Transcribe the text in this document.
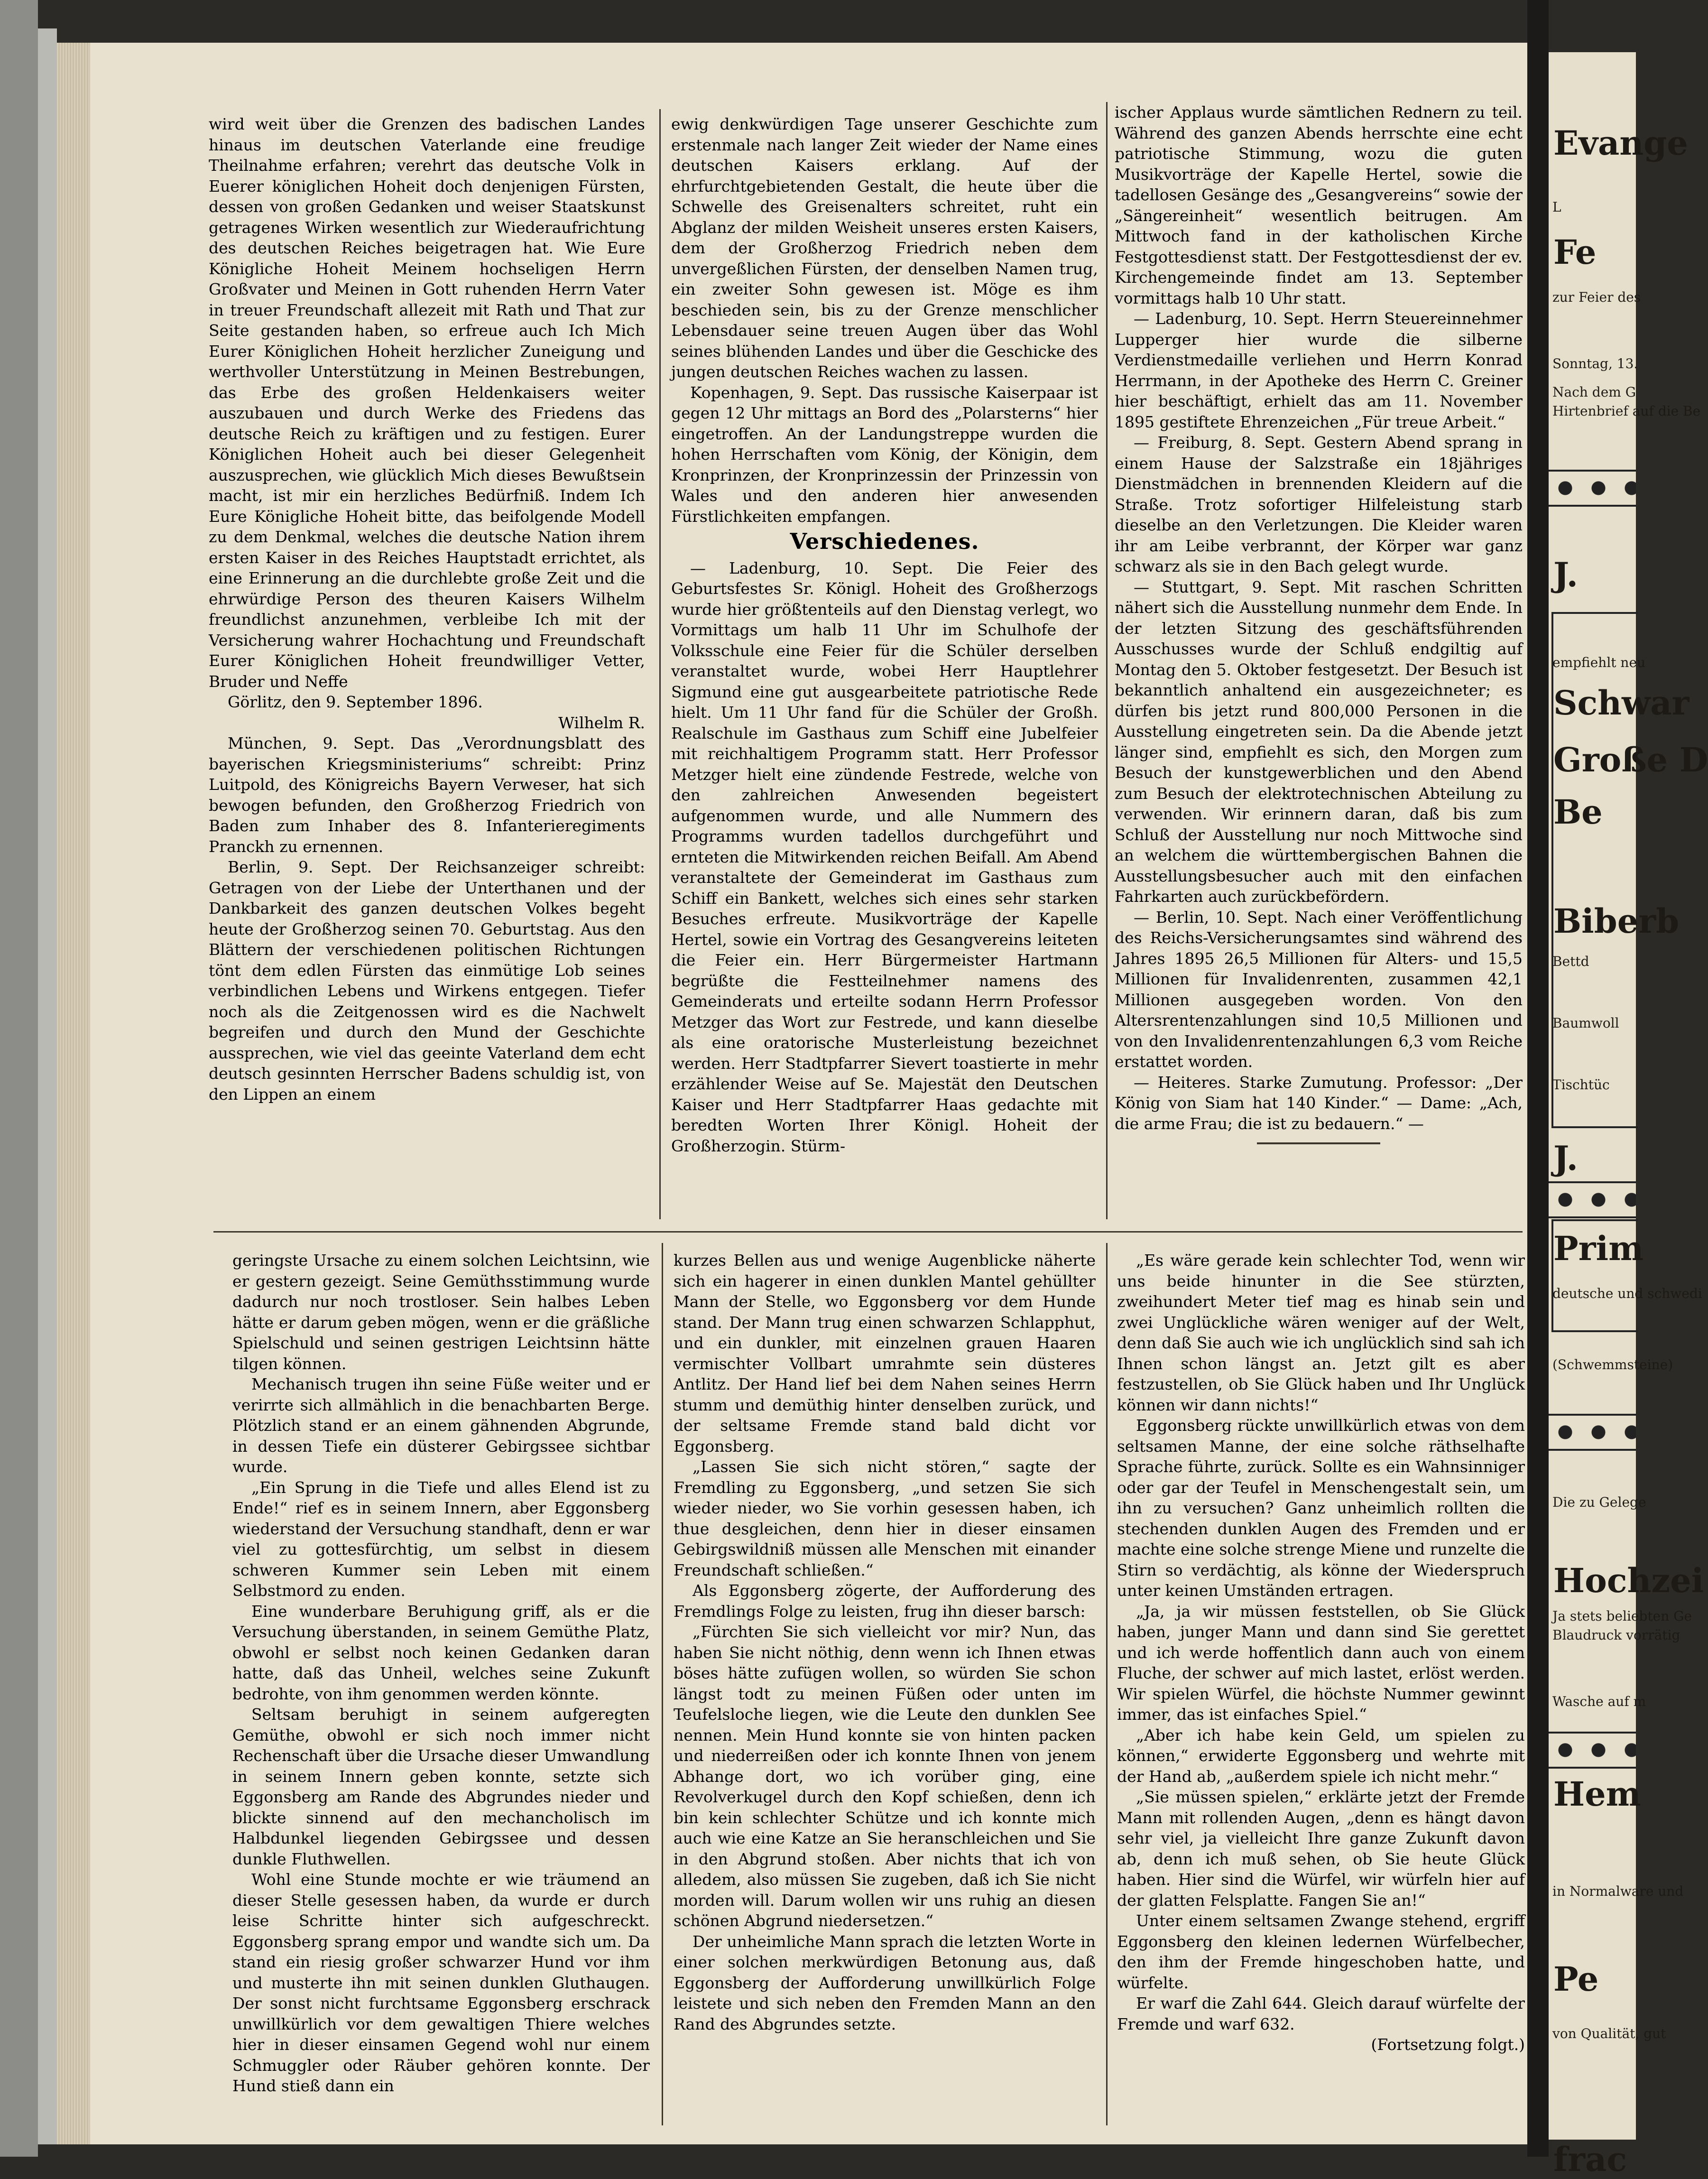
wird weit über die Grenzen des badischen Landes hinaus im deutschen Vaterlande eine freudige Theilnahme erfahren; verehrt das deutsche Volk in Euerer königlichen Hoheit doch denjenigen Fürsten, dessen von großen Gedanken und weiser Staatskunst getragenes Wirken wesentlich zur Wiederaufrichtung des deutschen Reiches beigetragen hat. Wie Eure Königliche Hoheit Meinem hochseligen Herrn Großvater und Meinen in Gott ruhenden Herrn Vater in treuer Freundschaft allezeit mit Rath und That zur Seite gestanden haben, so erfreue auch Ich Mich Eurer Königlichen Hoheit herzlicher Zuneigung und werthvoller Unterstützung in Meinen Bestrebungen, das Erbe des großen Heldenkaisers weiter auszubauen und durch Werke des Friedens das deutsche Reich zu kräftigen und zu festigen. Eurer Königlichen Hoheit auch bei dieser Gelegenheit auszusprechen, wie glücklich Mich dieses Bewußtsein macht, ist mir ein herzliches Bedürfniß. Indem Ich Eure Königliche Hoheit bitte, das beifolgende Modell zu dem Denkmal, welches die deutsche Nation ihrem ersten Kaiser in des Reiches Hauptstadt errichtet, als eine Erinnerung an die durchlebte große Zeit und die ehrwürdige Person des theuren Kaisers Wilhelm freundlichst anzunehmen, verbleibe Ich mit der Versicherung wahrer Hochachtung und Freundschaft Eurer Königlichen Hoheit freundwilliger Vetter, Bruder und Neffe

Görlitz, den 9. September 1896.

Wilhelm R.

München, 9. Sept. Das „Verordnungsblatt des bayerischen Kriegsministeriums“ schreibt: Prinz Luitpold, des Königreichs Bayern Verweser, hat sich bewogen befunden, den Großherzog Friedrich von Baden zum Inhaber des 8. Infanterieregiments Pranckh zu ernennen.

Berlin, 9. Sept. Der Reichsanzeiger schreibt: Getragen von der Liebe der Unterthanen und der Dankbarkeit des ganzen deutschen Volkes begeht heute der Großherzog seinen 70. Geburtstag. Aus den Blättern der verschiedenen politischen Richtungen tönt dem edlen Fürsten das einmütige Lob seines verbindlichen Lebens und Wirkens entgegen. Tiefer noch als die Zeitgenossen wird es die Nachwelt begreifen und durch den Mund der Geschichte aussprechen, wie viel das geeinte Vaterland dem echt deutsch gesinnten Herrscher Badens schuldig ist, von den Lippen an einem

ewig denkwürdigen Tage unserer Geschichte zum erstenmale nach langer Zeit wieder der Name eines deutschen Kaisers erklang. Auf der ehrfurchtgebietenden Gestalt, die heute über die Schwelle des Greisenalters schreitet, ruht ein Abglanz der milden Weisheit unseres ersten Kaisers, dem der Großherzog Friedrich neben dem unvergeßlichen Fürsten, der denselben Namen trug, ein zweiter Sohn gewesen ist. Möge es ihm beschieden sein, bis zu der Grenze menschlicher Lebensdauer seine treuen Augen über das Wohl seines blühenden Landes und über die Geschicke des jungen deutschen Reiches wachen zu lassen.

Kopenhagen, 9. Sept. Das russische Kaiserpaar ist gegen 12 Uhr mittags an Bord des „Polarsterns“ hier eingetroffen. An der Landungstreppe wurden die hohen Herrschaften vom König, der Königin, dem Kronprinzen, der Kronprinzessin der Prinzessin von Wales und den anderen hier anwesenden Fürstlichkeiten empfangen.

Verschiedenes.

— Ladenburg, 10. Sept. Die Feier des Geburtsfestes Sr. Königl. Hoheit des Großherzogs wurde hier größtenteils auf den Dienstag verlegt, wo Vormittags um halb 11 Uhr im Schulhofe der Volksschule eine Feier für die Schüler derselben veranstaltet wurde, wobei Herr Hauptlehrer Sigmund eine gut ausgearbeitete patriotische Rede hielt. Um 11 Uhr fand für die Schüler der Großh. Realschule im Gasthaus zum Schiff eine Jubelfeier mit reichhaltigem Programm statt. Herr Professor Metzger hielt eine zündende Festrede, welche von den zahlreichen Anwesenden begeistert aufgenommen wurde, und alle Nummern des Programms wurden tadellos durchgeführt und ernteten die Mitwirkenden reichen Beifall. Am Abend veranstaltete der Gemeinderat im Gasthaus zum Schiff ein Bankett, welches sich eines sehr starken Besuches erfreute. Musikvorträge der Kapelle Hertel, sowie ein Vortrag des Gesangvereins leiteten die Feier ein. Herr Bürgermeister Hartmann begrüßte die Festteilnehmer namens des Gemeinderats und erteilte sodann Herrn Professor Metzger das Wort zur Festrede, und kann dieselbe als eine oratorische Musterleistung bezeichnet werden. Herr Stadtpfarrer Sievert toastierte in mehr erzählender Weise auf Se. Majestät den Deutschen Kaiser und Herr Stadtpfarrer Haas gedachte mit beredten Worten Ihrer Königl. Hoheit der Großherzogin. Stürm-

ischer Applaus wurde sämtlichen Rednern zu teil. Während des ganzen Abends herrschte eine echt patriotische Stimmung, wozu die guten Musikvorträge der Kapelle Hertel, sowie die tadellosen Gesänge des „Gesangvereins“ sowie der „Sängereinheit“ wesentlich beitrugen. Am Mittwoch fand in der katholischen Kirche Festgottesdienst statt. Der Festgottesdienst der ev. Kirchengemeinde findet am 13. September vormittags halb 10 Uhr statt.

— Ladenburg, 10. Sept. Herrn Steuereinnehmer Lupperger hier wurde die silberne Verdienstmedaille verliehen und Herrn Konrad Herrmann, in der Apotheke des Herrn C. Greiner hier beschäftigt, erhielt das am 11. November 1895 gestiftete Ehrenzeichen „Für treue Arbeit.“

— Freiburg, 8. Sept. Gestern Abend sprang in einem Hause der Salzstraße ein 18jähriges Dienstmädchen in brennenden Kleidern auf die Straße. Trotz sofortiger Hilfeleistung starb dieselbe an den Verletzungen. Die Kleider waren ihr am Leibe verbrannt, der Körper war ganz schwarz als sie in den Bach gelegt wurde.

— Stuttgart, 9. Sept. Mit raschen Schritten nähert sich die Ausstellung nunmehr dem Ende. In der letzten Sitzung des geschäftsführenden Ausschusses wurde der Schluß endgiltig auf Montag den 5. Oktober festgesetzt. Der Besuch ist bekanntlich anhaltend ein ausgezeichneter; es dürfen bis jetzt rund 800,000 Personen in die Ausstellung eingetreten sein. Da die Abende jetzt länger sind, empfiehlt es sich, den Morgen zum Besuch der kunstgewerblichen und den Abend zum Besuch der elektrotechnischen Abteilung zu verwenden. Wir erinnern daran, daß bis zum Schluß der Ausstellung nur noch Mittwoche sind an welchem die württembergischen Bahnen die Ausstellungsbesucher auch mit den einfachen Fahrkarten auch zurückbefördern.

— Berlin, 10. Sept. Nach einer Veröffentlichung des Reichs-Versicherungsamtes sind während des Jahres 1895 26,5 Millionen für Alters- und 15,5 Millionen für Invalidenrenten, zusammen 42,1 Millionen ausgegeben worden. Von den Altersrentenzahlungen sind 10,5 Millionen und von den Invalidenrentenzahlungen 6,3 vom Reiche erstattet worden.

— Heiteres. Starke Zumutung. Professor: „Der König von Siam hat 140 Kinder.“ — Dame: „Ach, die arme Frau; die ist zu bedauern.“ —

geringste Ursache zu einem solchen Leichtsinn, wie er gestern gezeigt. Seine Gemüthsstimmung wurde dadurch nur noch trostloser. Sein halbes Leben hätte er darum geben mögen, wenn er die gräßliche Spielschuld und seinen gestrigen Leichtsinn hätte tilgen können.

Mechanisch trugen ihn seine Füße weiter und er verirrte sich allmählich in die benachbarten Berge. Plötzlich stand er an einem gähnenden Abgrunde, in dessen Tiefe ein düsterer Gebirgssee sichtbar wurde.

„Ein Sprung in die Tiefe und alles Elend ist zu Ende!“ rief es in seinem Innern, aber Eggonsberg wiederstand der Versuchung standhaft, denn er war viel zu gottesfürchtig, um selbst in diesem schweren Kummer sein Leben mit einem Selbstmord zu enden.

Eine wunderbare Beruhigung griff, als er die Versuchung überstanden, in seinem Gemüthe Platz, obwohl er selbst noch keinen Gedanken daran hatte, daß das Unheil, welches seine Zukunft bedrohte, von ihm genommen werden könnte.

Seltsam beruhigt in seinem aufgeregten Gemüthe, obwohl er sich noch immer nicht Rechenschaft über die Ursache dieser Umwandlung in seinem Innern geben konnte, setzte sich Eggonsberg am Rande des Abgrundes nieder und blickte sinnend auf den mechancholisch im Halbdunkel liegenden Gebirgssee und dessen dunkle Fluthwellen.

Wohl eine Stunde mochte er wie träumend an dieser Stelle gesessen haben, da wurde er durch leise Schritte hinter sich aufgeschreckt. Eggonsberg sprang empor und wandte sich um. Da stand ein riesig großer schwarzer Hund vor ihm und musterte ihn mit seinen dunklen Gluthaugen. Der sonst nicht furchtsame Eggonsberg erschrack unwillkürlich vor dem gewaltigen Thiere welches hier in dieser einsamen Gegend wohl nur einem Schmuggler oder Räuber gehören konnte. Der Hund stieß dann ein

kurzes Bellen aus und wenige Augenblicke näherte sich ein hagerer in einen dunklen Mantel gehüllter Mann der Stelle, wo Eggonsberg vor dem Hunde stand. Der Mann trug einen schwarzen Schlapphut, und ein dunkler, mit einzelnen grauen Haaren vermischter Vollbart umrahmte sein düsteres Antlitz. Der Hand lief bei dem Nahen seines Herrn stumm und demüthig hinter denselben zurück, und der seltsame Fremde stand bald dicht vor Eggonsberg.

„Lassen Sie sich nicht stören,“ sagte der Fremdling zu Eggonsberg, „und setzen Sie sich wieder nieder, wo Sie vorhin gesessen haben, ich thue desgleichen, denn hier in dieser einsamen Gebirgswildniß müssen alle Menschen mit einander Freundschaft schließen.“

Als Eggonsberg zögerte, der Aufforderung des Fremdlings Folge zu leisten, frug ihn dieser barsch:

„Fürchten Sie sich vielleicht vor mir? Nun, das haben Sie nicht nöthig, denn wenn ich Ihnen etwas böses hätte zufügen wollen, so würden Sie schon längst todt zu meinen Füßen oder unten im Teufelsloche liegen, wie die Leute den dunklen See nennen. Mein Hund konnte sie von hinten packen und niederreißen oder ich konnte Ihnen von jenem Abhange dort, wo ich vorüber ging, eine Revolverkugel durch den Kopf schießen, denn ich bin kein schlechter Schütze und ich konnte mich auch wie eine Katze an Sie heranschleichen und Sie in den Abgrund stoßen. Aber nichts that ich von alledem, also müssen Sie zugeben, daß ich Sie nicht morden will. Darum wollen wir uns ruhig an diesen schönen Abgrund niedersetzen.“

Der unheimliche Mann sprach die letzten Worte in einer solchen merkwürdigen Betonung aus, daß Eggonsberg der Aufforderung unwillkürlich Folge leistete und sich neben den Fremden Mann an den Rand des Abgrundes setzte.

„Es wäre gerade kein schlechter Tod, wenn wir uns beide hinunter in die See stürzten, zweihundert Meter tief mag es hinab sein und zwei Unglückliche wären weniger auf der Welt, denn daß Sie auch wie ich unglücklich sind sah ich Ihnen schon längst an. Jetzt gilt es aber festzustellen, ob Sie Glück haben und Ihr Unglück können wir dann nichts!“

Eggonsberg rückte unwillkürlich etwas von dem seltsamen Manne, der eine solche räthselhafte Sprache führte, zurück. Sollte es ein Wahnsinniger oder gar der Teufel in Menschengestalt sein, um ihn zu versuchen? Ganz unheimlich rollten die stechenden dunklen Augen des Fremden und er machte eine solche strenge Miene und runzelte die Stirn so verdächtig, als könne der Wiederspruch unter keinen Umständen ertragen.

„Ja, ja wir müssen feststellen, ob Sie Glück haben, junger Mann und dann sind Sie gerettet und ich werde hoffentlich dann auch von einem Fluche, der schwer auf mich lastet, erlöst werden. Wir spielen Würfel, die höchste Nummer gewinnt immer, das ist einfaches Spiel.“

„Aber ich habe kein Geld, um spielen zu können,“ erwiderte Eggonsberg und wehrte mit der Hand ab, „außerdem spiele ich nicht mehr.“

„Sie müssen spielen,“ erklärte jetzt der Fremde Mann mit rollenden Augen, „denn es hängt davon sehr viel, ja vielleicht Ihre ganze Zukunft davon ab, denn ich muß sehen, ob Sie heute Glück haben. Hier sind die Würfel, wir würfeln hier auf der glatten Felsplatte. Fangen Sie an!“

Unter einem seltsamen Zwange stehend, ergriff Eggonsberg den kleinen ledernen Würfelbecher, den ihm der Fremde hingeschoben hatte, und würfelte.

Er warf die Zahl 644. Gleich darauf würfelte der Fremde und warf 632.

(Fortsetzung folgt.)

Evange
L
Fe
zur Feier des
Sonntag, 13.
Nach dem G
Hirtenbrief auf die Be
J.
empfiehlt neu
Schwar
Große D
Be
Biberb
Bettd
Baumwoll
Tischtüc
J.
Prim
deutsche und schwedi
(Schwemmsteine)
Die zu Gelege
Hochzei
Ja stets beliebten Ge
Blaudruck vorrätig
Wasche auf m
Hem
in Normalware und
Pe
von Qualität, gut
frac
